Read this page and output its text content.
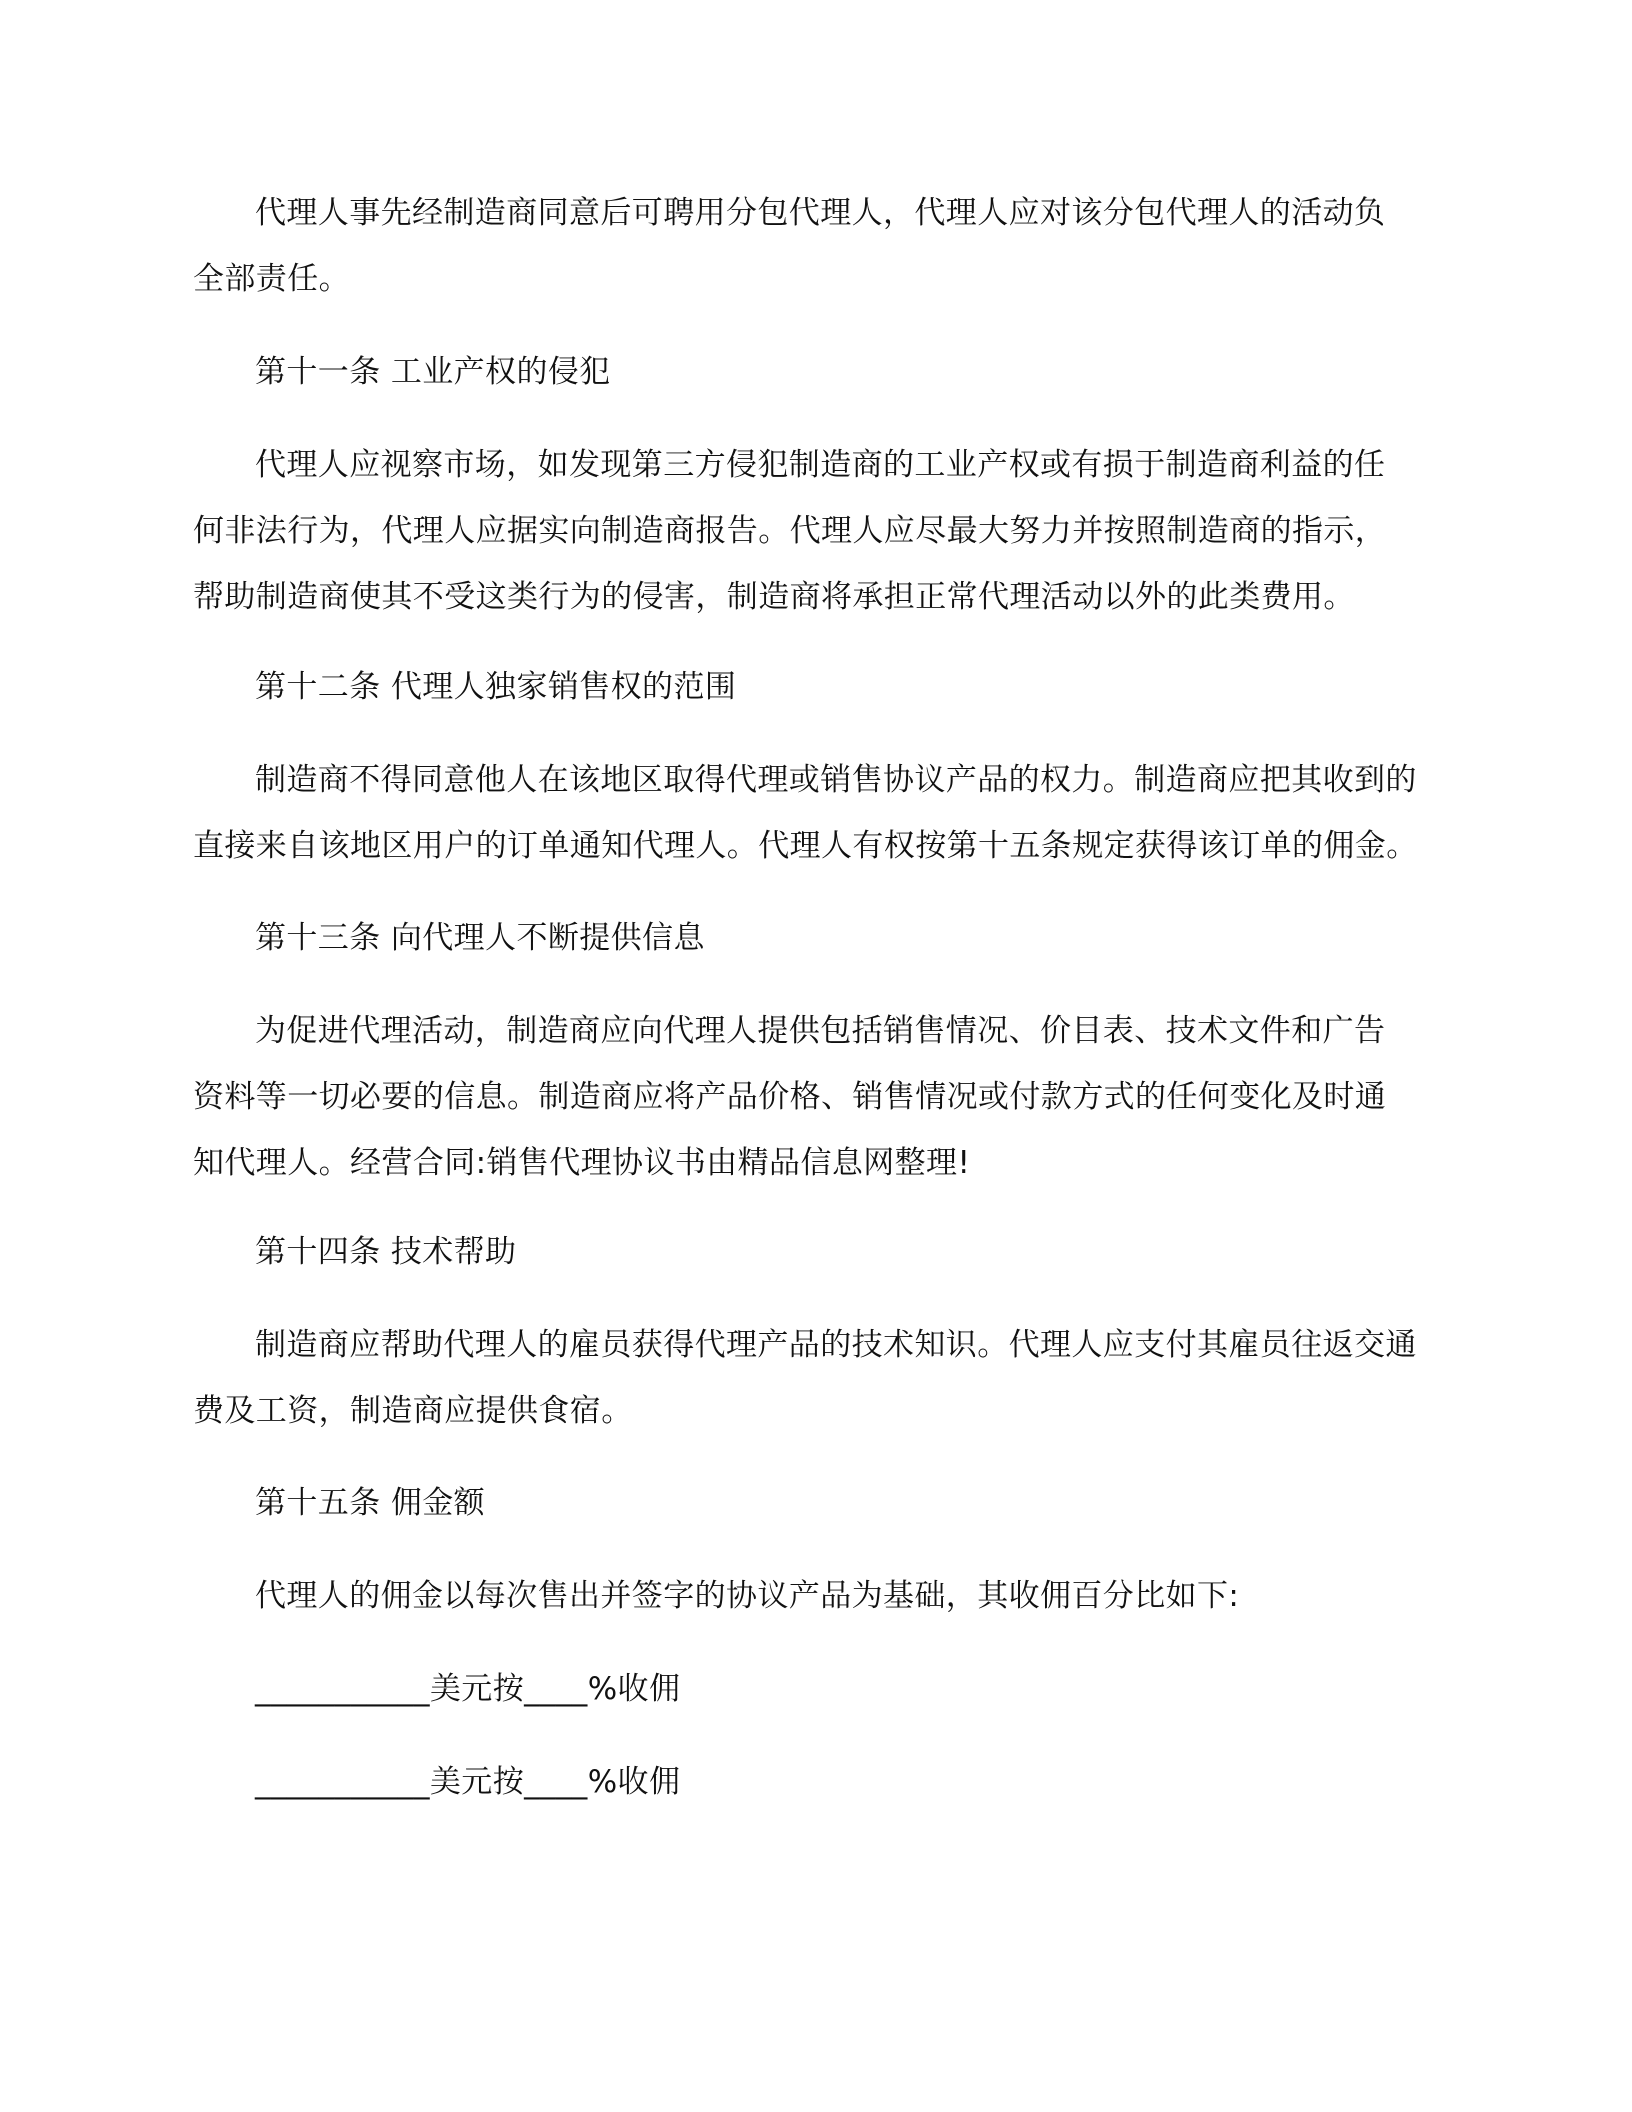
代理人事先经制造商同意后可聘用分包代理人，代理人应对该分包代理人的活动负
全部责任。
第十一条 工业产权的侵犯
代理人应视察市场，如发现第三方侵犯制造商的工业产权或有损于制造商利益的任
何非法行为，代理人应据实向制造商报告。代理人应尽最大努力并按照制造商的指示，
帮助制造商使其不受这类行为的侵害，制造商将承担正常代理活动以外的此类费用。
第十二条 代理人独家销售权的范围
制造商不得同意他人在该地区取得代理或销售协议产品的权力。制造商应把其收到的
直接来自该地区用户的订单通知代理人。代理人有权按第十五条规定获得该订单的佣金。
第十三条 向代理人不断提供信息
为促进代理活动，制造商应向代理人提供包括销售情况、价目表、技术文件和广告
资料等一切必要的信息。制造商应将产品价格、销售情况或付款方式的任何变化及时通
知代理人。经营合同:销售代理协议书由精品信息网整理!
第十四条 技术帮助
制造商应帮助代理人的雇员获得代理产品的技术知识。代理人应支付其雇员往返交通
费及工资，制造商应提供食宿。
第十五条 佣金额
代理人的佣金以每次售出并签字的协议产品为基础，其收佣百分比如下:
___________美元按____%收佣
___________美元按____%收佣
